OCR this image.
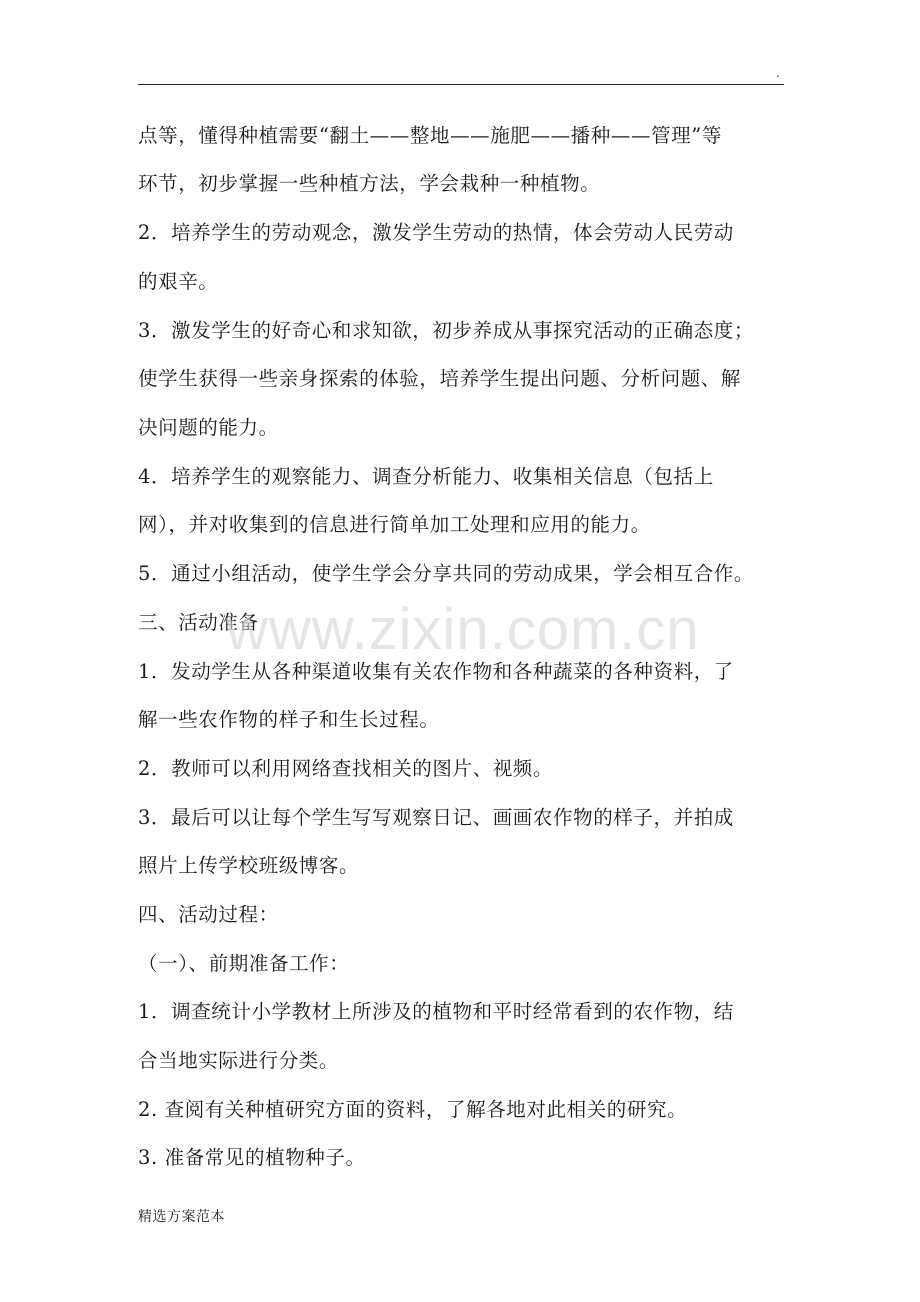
.
点等，懂得种植需要“翻土——整地——施肥——播种——管理”等
环节，初步掌握一些种植方法，学会栽种一种植物。
2．培养学生的劳动观念，激发学生劳动的热情，体会劳动人民劳动
的艰辛。
3．激发学生的好奇心和求知欲，初步养成从事探究活动的正确态度；
使学生获得一些亲身探索的体验，培养学生提出问题、分析问题、解
决问题的能力。
4．培养学生的观察能力、调查分析能力、收集相关信息（包括上
网），并对收集到的信息进行简单加工处理和应用的能力。
5．通过小组活动，使学生学会分享共同的劳动成果，学会相互合作。
三、活动准备
1．发动学生从各种渠道收集有关农作物和各种蔬菜的各种资料，了
解一些农作物的样子和生长过程。
2．教师可以利用网络查找相关的图片、视频。
3．最后可以让每个学生写写观察日记、画画农作物的样子，并拍成
照片上传学校班级博客。
四、活动过程：
（一）、前期准备工作：
1．调查统计小学教材上所涉及的植物和平时经常看到的农作物，结
合当地实际进行分类。
2. 查阅有关种植研究方面的资料，了解各地对此相关的研究。
3. 准备常见的植物种子。
www.zixin.com.cn
精选方案范本
